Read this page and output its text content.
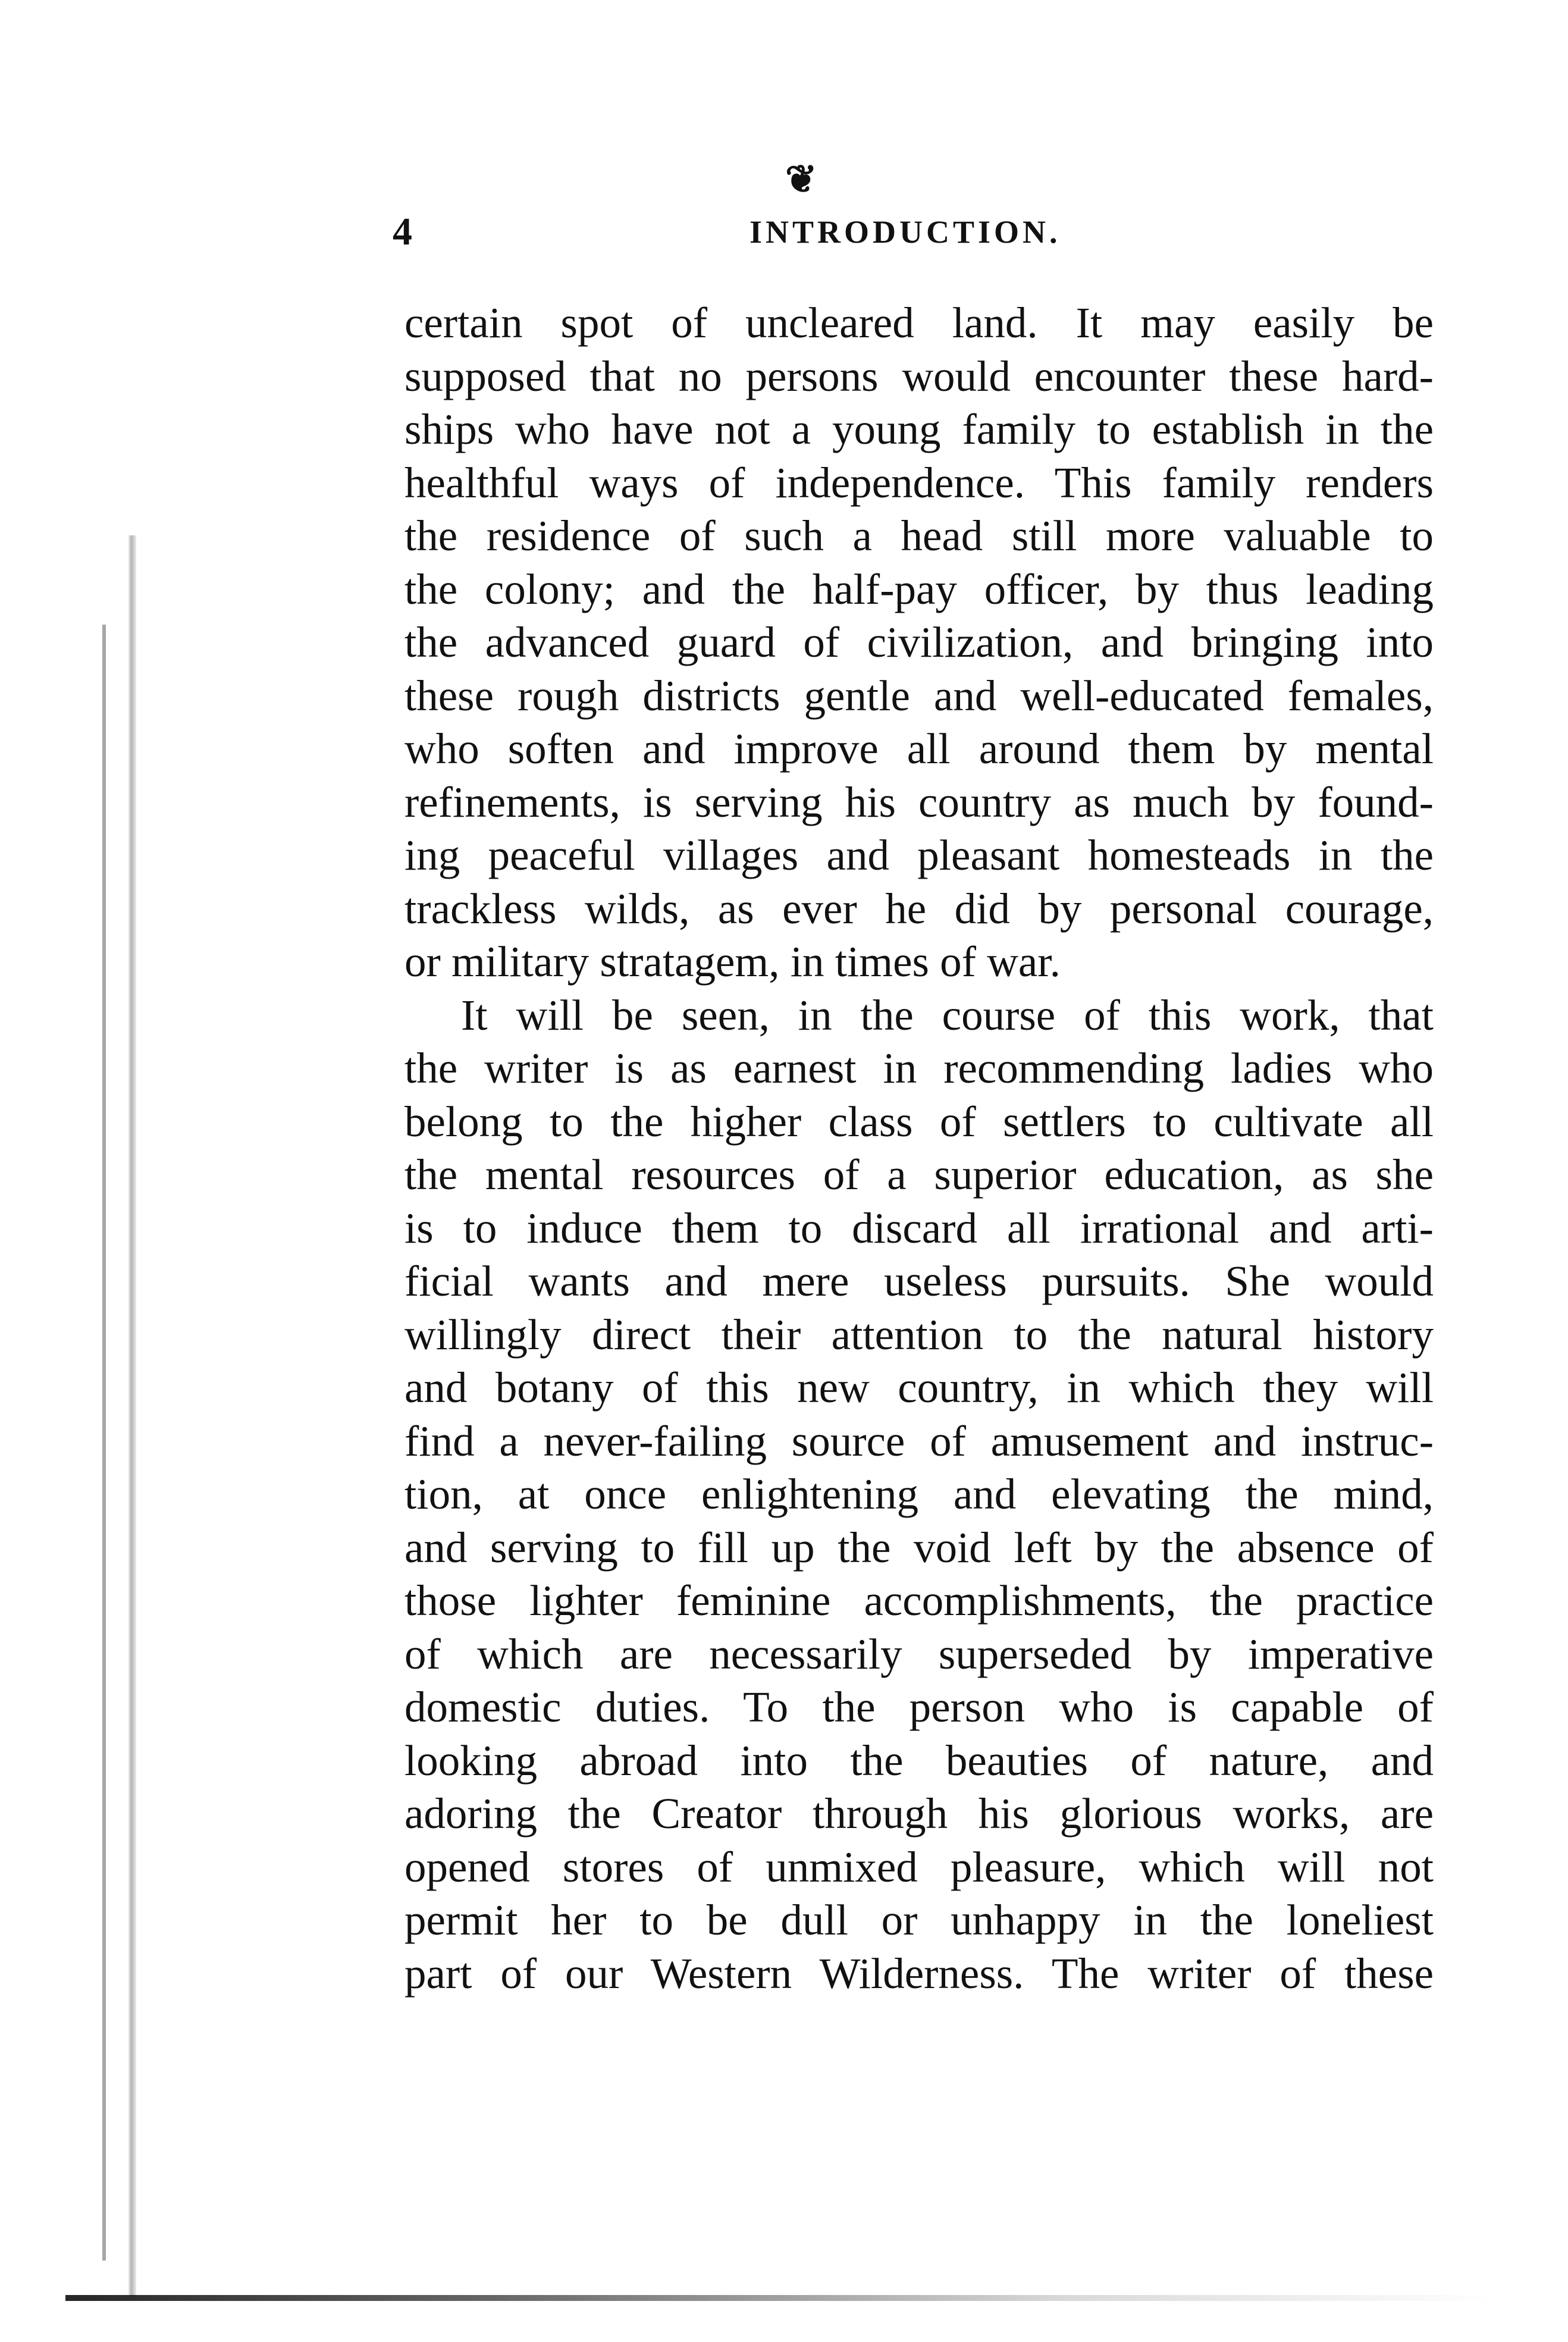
❦
4	INTRODUCTION.
certain spot of uncleared land. It may easily be
supposed that no persons would encounter these hard-
ships who have not a young family to establish in the
healthful ways of independence. This family renders
the residence of such a head still more valuable to
the colony; and the half-pay officer, by thus leading
the advanced guard of civilization, and bringing into
these rough districts gentle and well-educated females,
who soften and improve all around them by mental
refinements, is serving his country as much by found-
ing peaceful villages and pleasant homesteads in the
trackless wilds, as ever he did by personal courage,
or military stratagem, in times of war.
It will be seen, in the course of this work, that
the writer is as earnest in recommending ladies who
belong to the higher class of settlers to cultivate all
the mental resources of a superior education, as she
is to induce them to discard all irrational and arti-
ficial wants and mere useless pursuits. She would
willingly direct their attention to the natural history
and botany of this new country, in which they will
find a never-failing source of amusement and instruc-
tion, at once enlightening and elevating the mind,
and serving to fill up the void left by the absence of
those lighter feminine accomplishments, the practice
of which are necessarily superseded by imperative
domestic duties. To the person who is capable of
looking abroad into the beauties of nature, and
adoring the Creator through his glorious works, are
opened stores of unmixed pleasure, which will not
permit her to be dull or unhappy in the loneliest
part of our Western Wilderness. The writer of these
